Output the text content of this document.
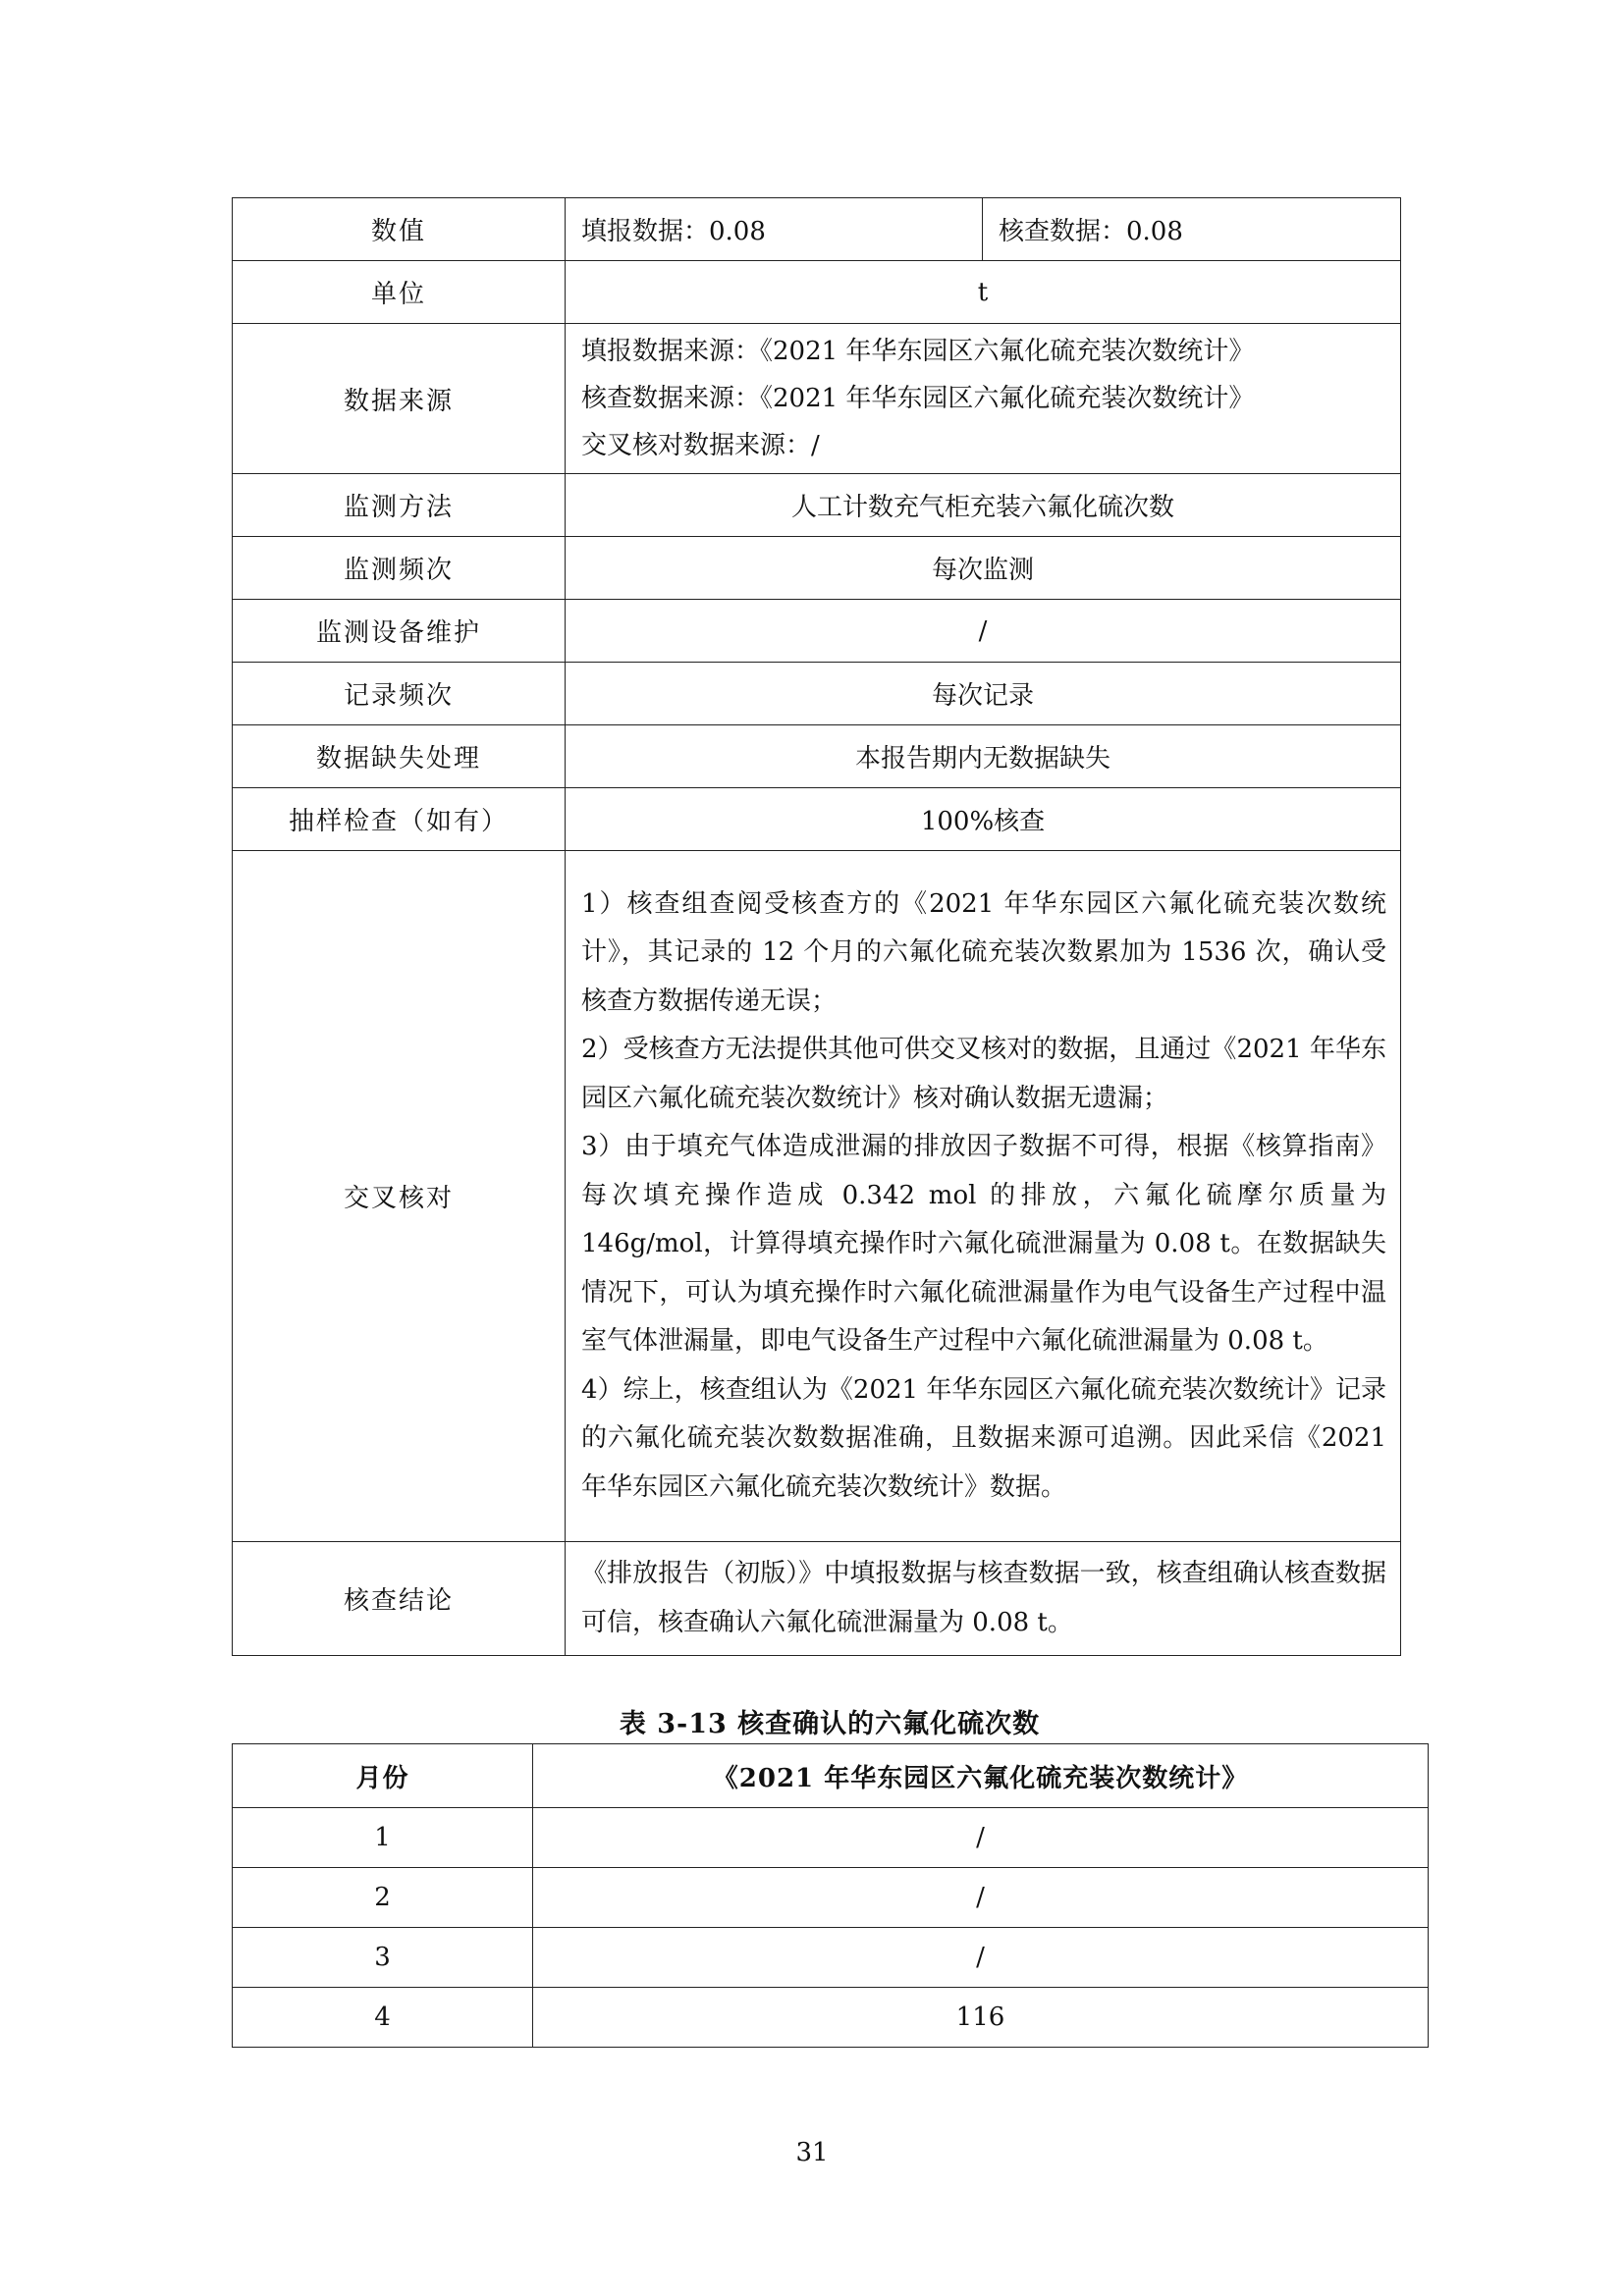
数值	填报数据：0.08	核查数据：0.08
单位	t	
数据来源	填报数据来源：《2021 年华东园区六氟化硫充装次数统计》
核查数据来源：《2021 年华东园区六氟化硫充装次数统计》
交叉核对数据来源：/	

监测方法	人工计数充气柜充装六氟化硫次数	
监测频次	每次监测	
监测设备维护	/	
记录频次	每次记录	
数据缺失处理	本报告期内无数据缺失	
抽样检查（如有）	100%核查	
交叉核对	1）核查组查阅受核查方的《2021 年华东园区六氟化硫充装次数统计》，其记录的 12 个月的六氟化硫充装次数累加为 1536 次，确认受核查方数据传递无误；

2）受核查方无法提供其他可供交叉核对的数据，且通过《2021 年华东园区六氟化硫充装次数统计》核对确认数据无遗漏；

3）由于填充气体造成泄漏的排放因子数据不可得，根据《核算指南》每次填充操作造成 0.342 mol 的排放，六氟化硫摩尔质量为 146g/mol，计算得填充操作时六氟化硫泄漏量为 0.08 t。在数据缺失情况下，可认为填充操作时六氟化硫泄漏量作为电气设备生产过程中温室气体泄漏量，即电气设备生产过程中六氟化硫泄漏量为 0.08 t。

4）综上，核查组认为《2021 年华东园区六氟化硫充装次数统计》记录的六氟化硫充装次数数据准确，且数据来源可追溯。因此采信《2021 年华东园区六氟化硫充装次数统计》数据。	

核查结论	《排放报告（初版）》中填报数据与核查数据一致，核查组确认核查数据可信，核查确认六氟化硫泄漏量为 0.08 t。	
表 3-13 核查确认的六氟化硫次数
月份	《2021 年华东园区六氟化硫充装次数统计》
1	/
2	/
3	/
4	116
31
